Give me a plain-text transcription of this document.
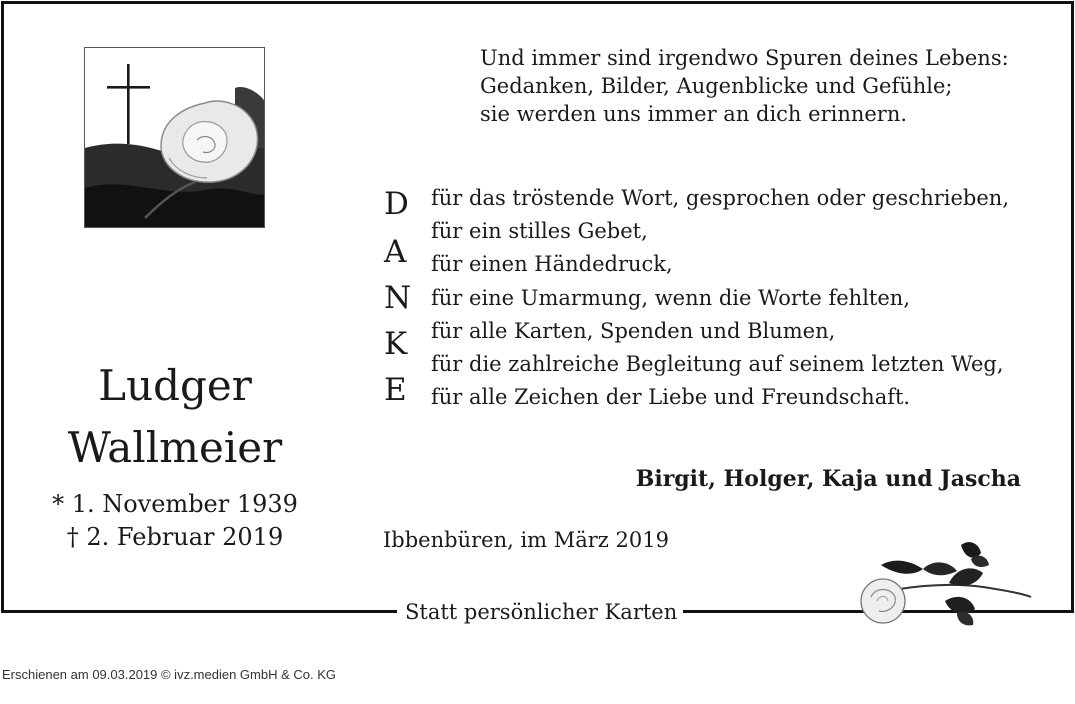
Und immer sind irgendwo Spuren deines Lebens:
Gedanken, Bilder, Augenblicke und Gefühle;
sie werden uns immer an dich erinnern.
D
A
N
K
E
für das tröstende Wort, gesprochen oder geschrieben,
für ein stilles Gebet,
für einen Händedruck,
für eine Umarmung, wenn die Worte fehlten,
für alle Karten, Spenden und Blumen,
für die zahlreiche Begleitung auf seinem letzten Weg,
für alle Zeichen der Liebe und Freundschaft.
Ludger
Wallmeier
* 1. November 1939
† 2. Februar 2019
Birgit, Holger, Kaja und Jascha
Ibbenbüren, im März 2019
Statt persönlicher Karten
Erschienen am 09.03.2019 © ivz.medien GmbH & Co. KG
